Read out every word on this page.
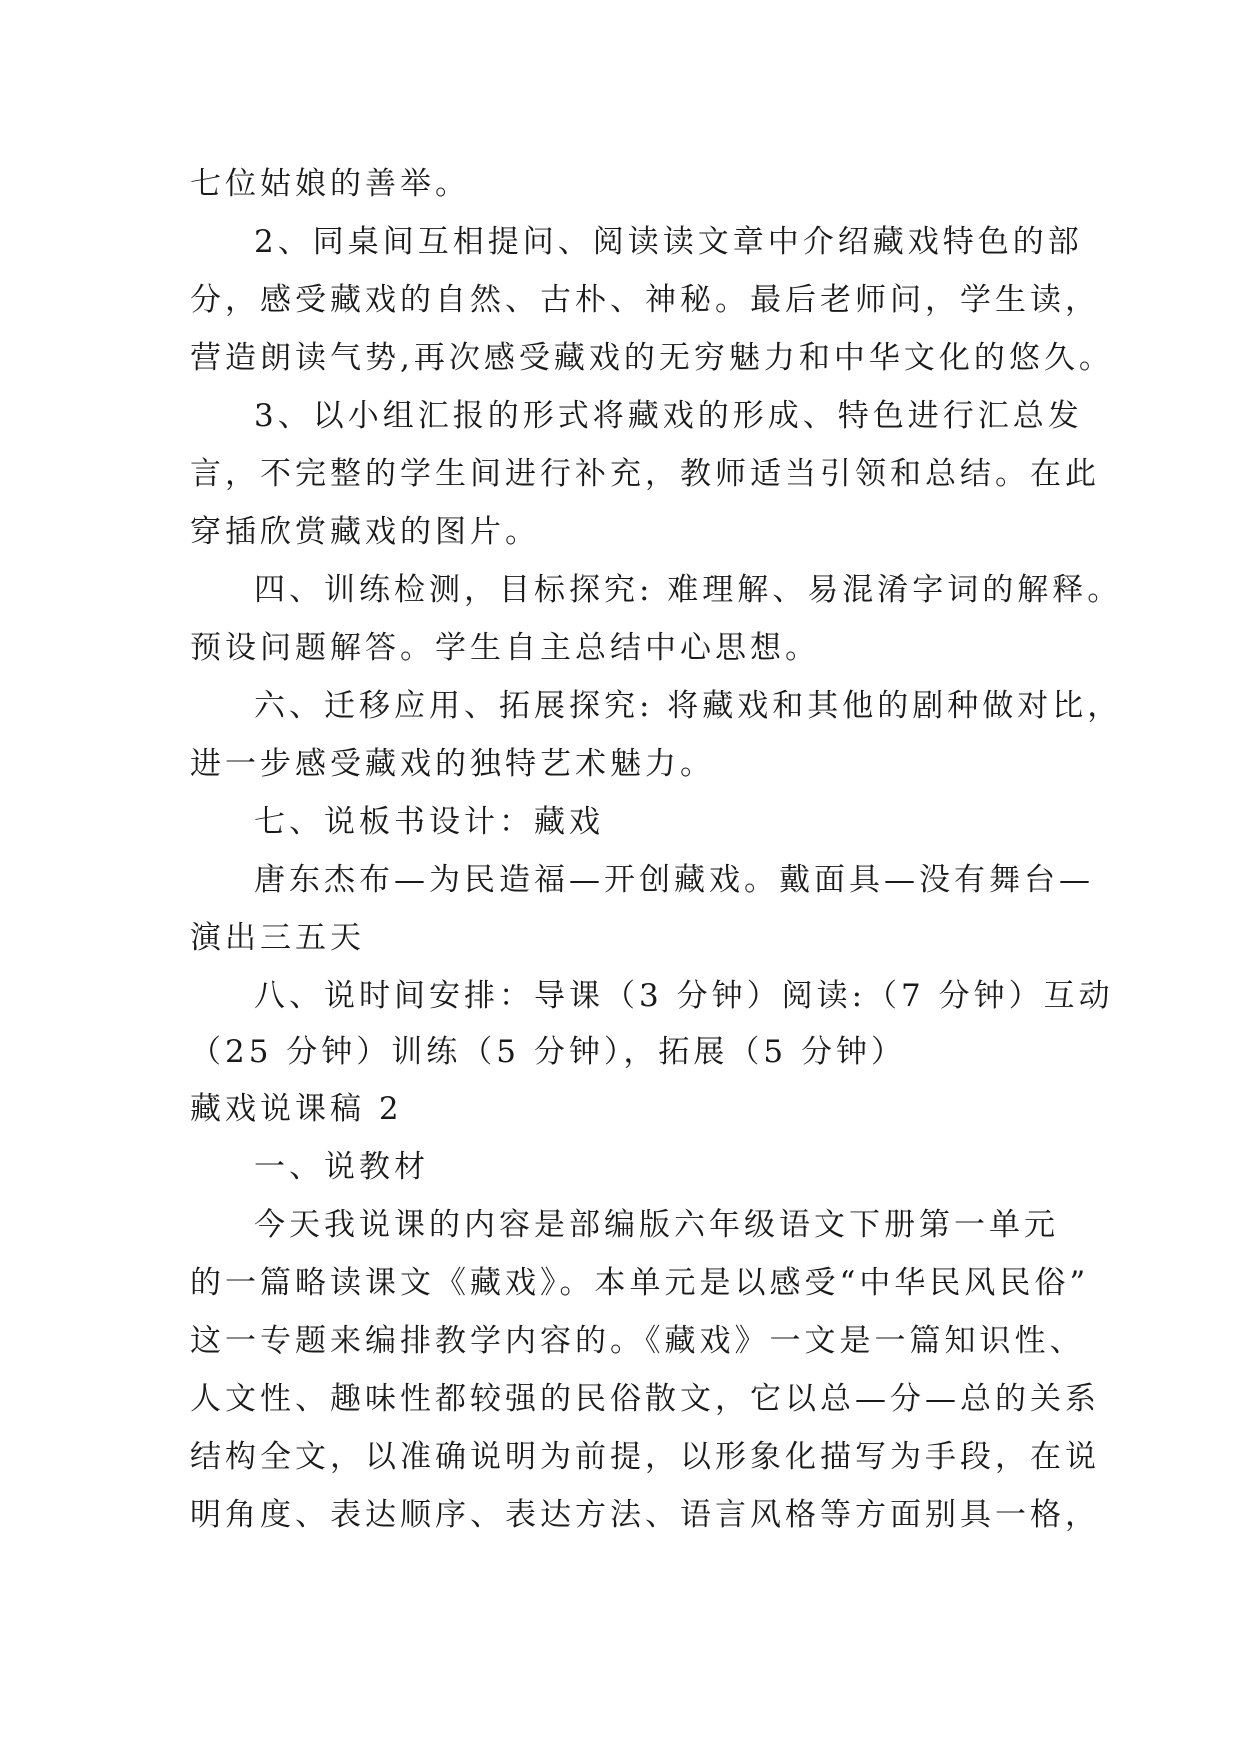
七位姑娘的善举。
2、同桌间互相提问、阅读读文章中介绍藏戏特色的部
分，感受藏戏的自然、古朴、神秘。最后老师问，学生读，
营造朗读气势,再次感受藏戏的无穷魅力和中华文化的悠久。
3、以小组汇报的形式将藏戏的形成、特色进行汇总发
言，不完整的学生间进行补充，教师适当引领和总结。在此
穿插欣赏藏戏的图片。
四、训练检测，目标探究: 难理解、易混淆字词的解释。
预设问题解答。学生自主总结中心思想。
六、迁移应用、拓展探究: 将藏戏和其他的剧种做对比，
进一步感受藏戏的独特艺术魅力。
七、说板书设计：藏戏
唐东杰布—为民造福—开创藏戏。戴面具—没有舞台—
演出三五天
八、说时间安排：导课（3 分钟）阅读:（7 分钟）互动
（25 分钟）训练（5 分钟），拓展（5 分钟）
藏戏说课稿 2
一、说教材
今天我说课的内容是部编版六年级语文下册第一单元
的一篇略读课文《藏戏》。本单元是以感受“中华民风民俗”
这一专题来编排教学内容的。《藏戏》一文是一篇知识性、
人文性、趣味性都较强的民俗散文，它以总—分—总的关系
结构全文，以准确说明为前提，以形象化描写为手段，在说
明角度、表达顺序、表达方法、语言风格等方面别具一格，
